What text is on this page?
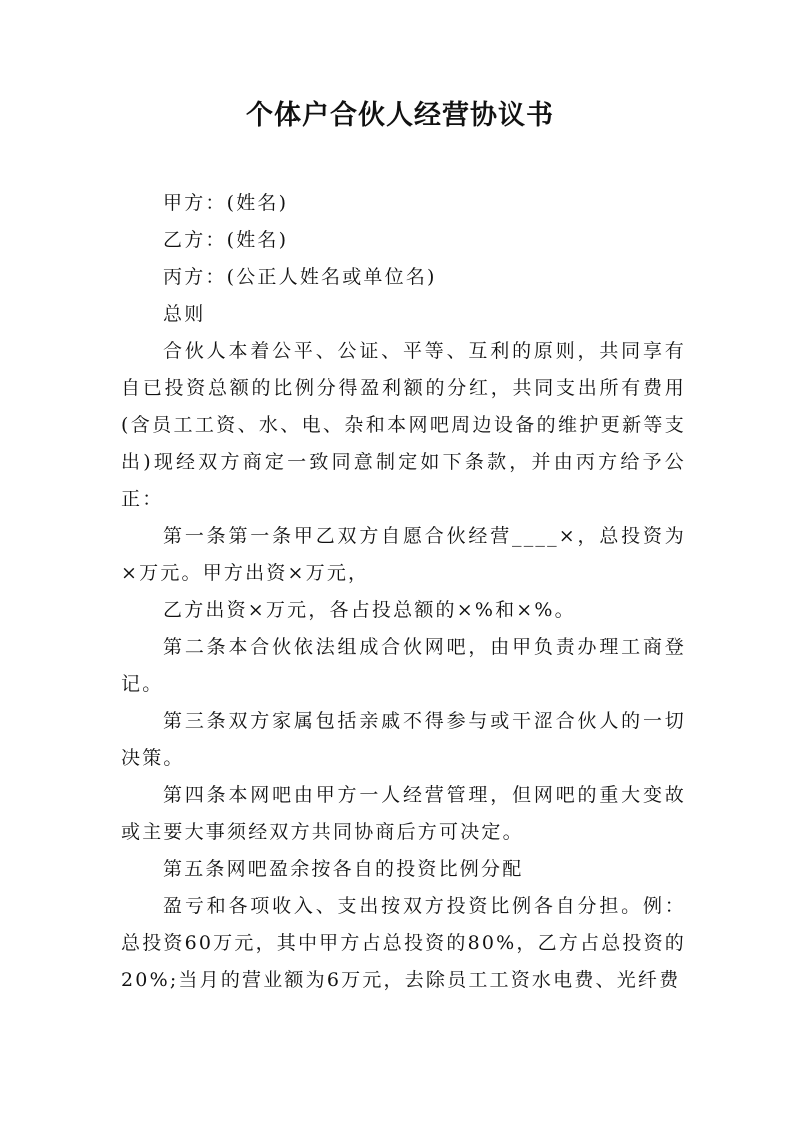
个体户合伙人经营协议书

甲方：(姓名)

乙方：(姓名)

丙方：(公正人姓名或单位名)

总则

合伙人本着公平、公证、平等、互利的原则，共同享有自已投资总额的比例分得盈利额的分红，共同支出所有费用(含员工工资、水、电、杂和本网吧周边设备的维护更新等支出)现经双方商定一致同意制定如下条款，并由丙方给予公正：

第一条第一条甲乙双方自愿合伙经营____×，总投资为×万元。甲方出资×万元，

乙方出资×万元，各占投总额的×%和×%。

第二条本合伙依法组成合伙网吧，由甲负责办理工商登记。

第三条双方家属包括亲戚不得参与或干涩合伙人的一切决策。

第四条本网吧由甲方一人经营管理，但网吧的重大变故或主要大事须经双方共同协商后方可决定。

第五条网吧盈余按各自的投资比例分配

盈亏和各项收入、支出按双方投资比例各自分担。例：总投资60万元，其中甲方占总投资的80%，乙方占总投资的20%;当月的营业额为6万元，去除员工工资水电费、光纤费
